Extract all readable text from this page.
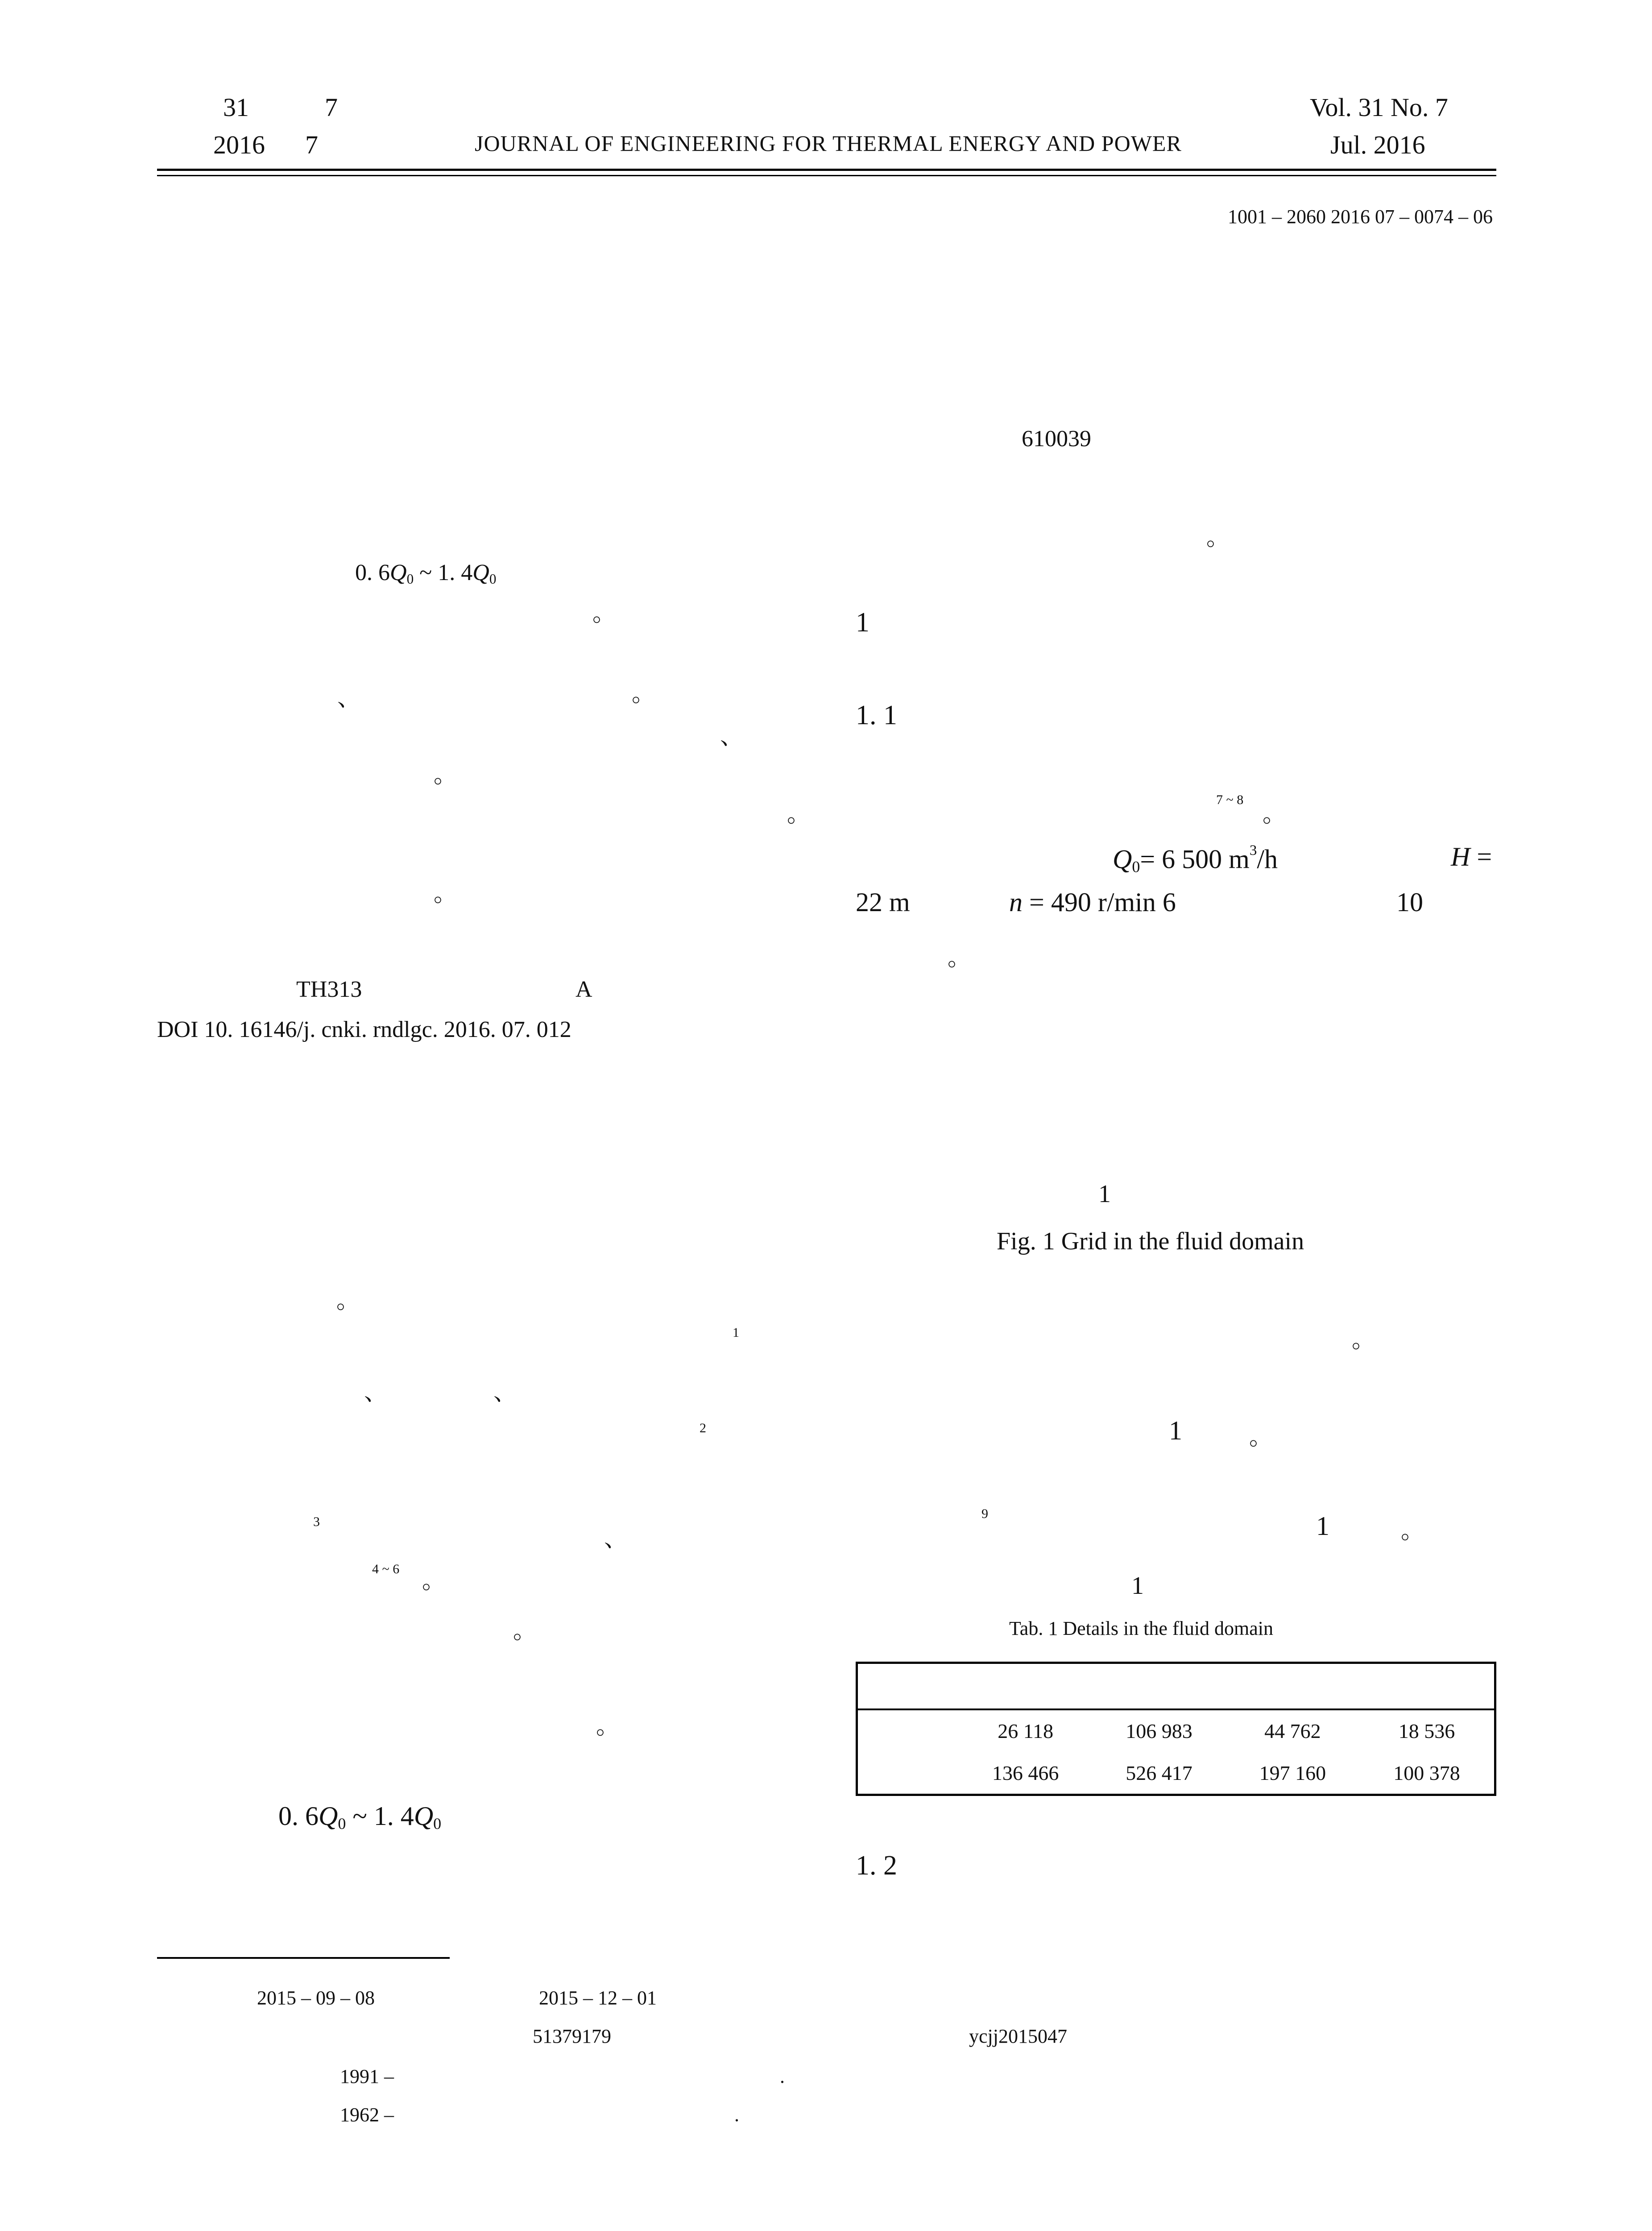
31	7
2016 7	JOURNAL OF ENGINEERING FOR THERMAL ENERGY AND POWER
Vol. 31 No. 7
Jul. 2016
1001 – 2060 2016 07 – 0074 – 06
610039
0. $6Q_0$ ~ 1. $4Q_0$
。
、	。
、
。
。
。
TH313	A
DOI 10. 16146/j. cnki. rndlgc. 2016. 07. 012
。
1
、	、
2
3
、
4 ~ 6 。
。
。
0. $6Q_0$ ~ 1. $4Q_0$
2015 – 09 – 08	2015 – 12 – 01
51379179	ycjj2015047
1991 –	.
1962 –	.
。
1
1. 1
7 ~ 8
。
$Q_0= 6$ 500 $m^3/h$	H =
22 m	n = 490 r/min 6	10
。
1
Fig. 1 Grid in the fluid domain
。
1	。
9	1	。
1
Tab. 1 Details in the fluid domain

	26 118	106 983	44 762	18 536
	136 466	526 417	197 160	100 378
1. 2
